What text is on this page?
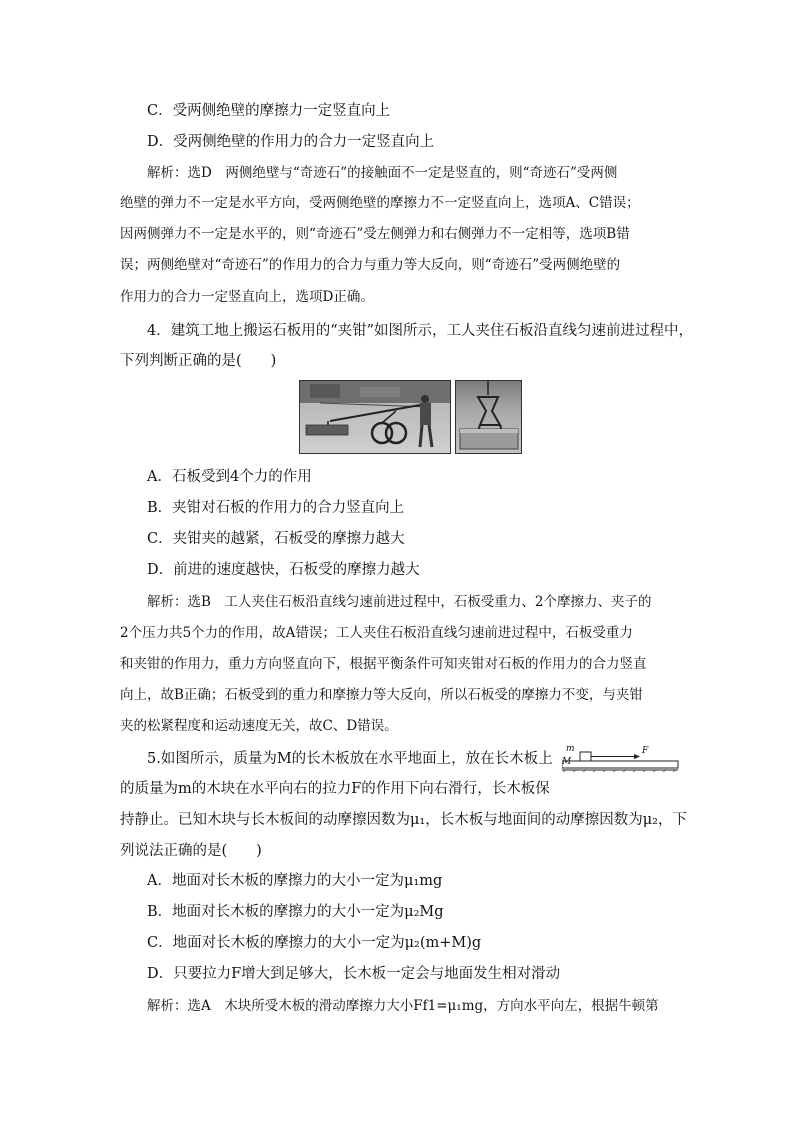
C．受两侧绝壁的摩擦力一定竖直向上
D．受两侧绝壁的作用力的合力一定竖直向上
解析：选D　两侧绝壁与“奇迹石”的接触面不一定是竖直的，则“奇迹石”受两侧
绝壁的弹力不一定是水平方向，受两侧绝壁的摩擦力不一定竖直向上，选项A、C错误；
因两侧弹力不一定是水平的，则“奇迹石”受左侧弹力和右侧弹力不一定相等，选项B错
误；两侧绝壁对“奇迹石”的作用力的合力与重力等大反向，则“奇迹石”受两侧绝壁的
作用力的合力一定竖直向上，选项D正确。
4．建筑工地上搬运石板用的“夹钳”如图所示，工人夹住石板沿直线匀速前进过程中，
下列判断正确的是(　　)
A．石板受到4个力的作用
B．夹钳对石板的作用力的合力竖直向上
C．夹钳夹的越紧，石板受的摩擦力越大
D．前进的速度越快，石板受的摩擦力越大
解析：选B　工人夹住石板沿直线匀速前进过程中，石板受重力、2个摩擦力、夹子的
2个压力共5个力的作用，故A错误；工人夹住石板沿直线匀速前进过程中，石板受重力
和夹钳的作用力，重力方向竖直向下，根据平衡条件可知夹钳对石板的作用力的合力竖直
向上，故B正确；石板受到的重力和摩擦力等大反向，所以石板受的摩擦力不变，与夹钳
夹的松紧程度和运动速度无关，故C、D错误。
5.如图所示，质量为M的长木板放在水平地面上，放在长木板上
的质量为m的木块在水平向右的拉力F的作用下向右滑行，长木板保
持静止。已知木块与长木板间的动摩擦因数为μ₁，长木板与地面间的动摩擦因数为μ₂，下
列说法正确的是(　　)
m
M
F
A．地面对长木板的摩擦力的大小一定为μ₁mg
B．地面对长木板的摩擦力的大小一定为μ₂Mg
C．地面对长木板的摩擦力的大小一定为μ₂(m+M)g
D．只要拉力F增大到足够大，长木板一定会与地面发生相对滑动
解析：选A　木块所受木板的滑动摩擦力大小Ff1=μ₁mg，方向水平向左，根据牛顿第
